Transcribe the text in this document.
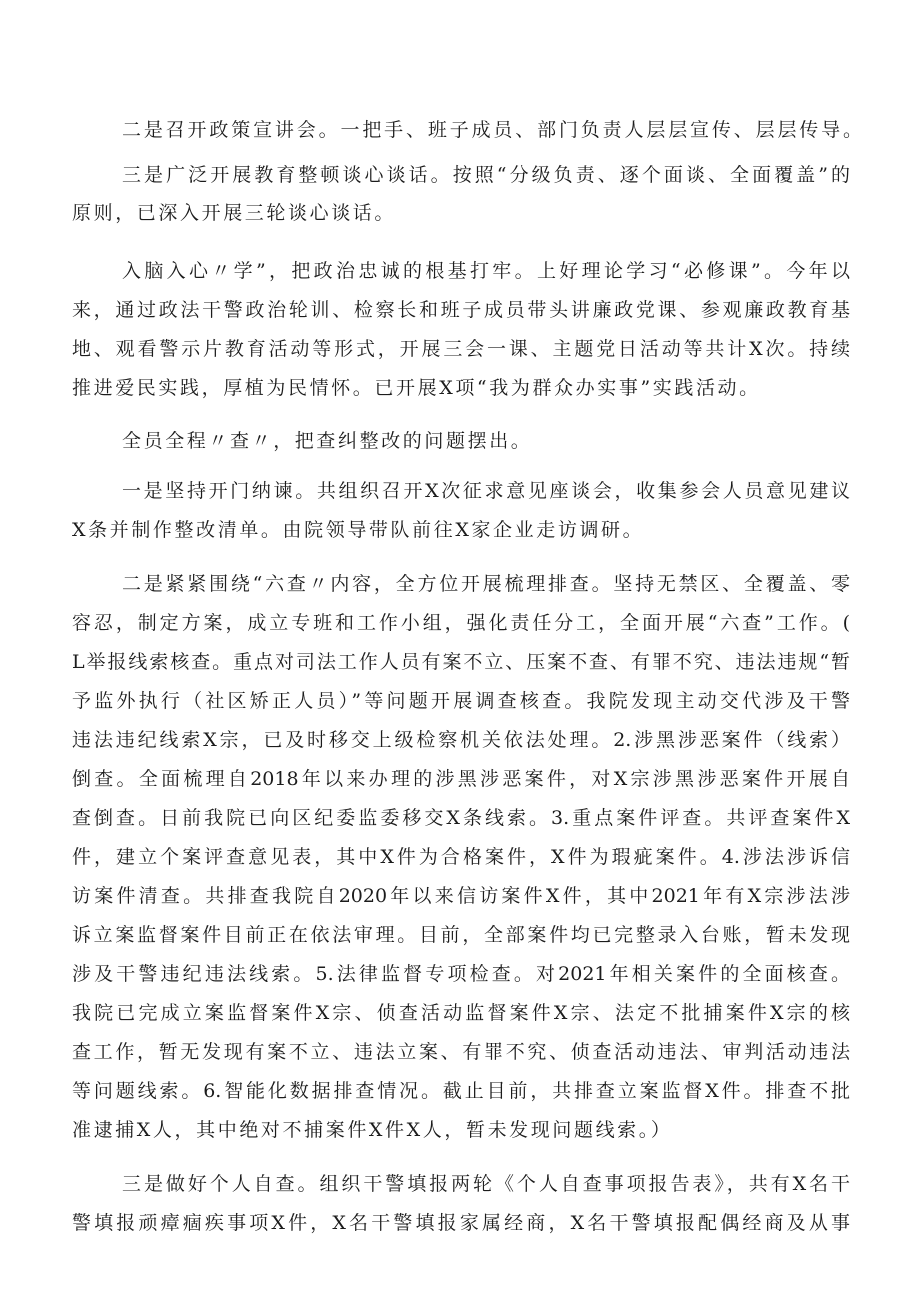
二是召开政策宣讲会。一把手、班子成员、部门负责人层层宣传、层层传导。
三是广泛开展教育整顿谈心谈话。按照“分级负责、逐个面谈、全面覆盖”的
原则，已深入开展三轮谈心谈话。
入脑入心〃学”，把政治忠诚的根基打牢。上好理论学习“必修课”。今年以
来，通过政法干警政治轮训、检察长和班子成员带头讲廉政党课、参观廉政教育基
地、观看警示片教育活动等形式，开展三会一课、主题党日活动等共计X次。持续
推进爱民实践，厚植为民情怀。已开展X项“我为群众办实事”实践活动。
全员全程〃查〃，把查纠整改的问题摆出。
一是坚持开门纳谏。共组织召开X次征求意见座谈会，收集参会人员意见建议
X条并制作整改清单。由院领导带队前往X家企业走访调研。
二是紧紧围绕“六查〃内容，全方位开展梳理排查。坚持无禁区、全覆盖、零
容忍，制定方案，成立专班和工作小组，强化责任分工，全面开展“六查”工作。(
L举报线索核查。重点对司法工作人员有案不立、压案不查、有罪不究、违法违规“暂
予监外执行（社区矫正人员）”等问题开展调查核查。我院发现主动交代涉及干警
违法违纪线索X宗，已及时移交上级检察机关依法处理。2.涉黑涉恶案件（线索）
倒查。全面梳理自2018年以来办理的涉黑涉恶案件，对X宗涉黑涉恶案件开展自
查倒查。日前我院已向区纪委监委移交X条线索。3.重点案件评查。共评查案件X
件，建立个案评查意见表，其中X件为合格案件，X件为瑕疵案件。4.涉法涉诉信
访案件清查。共排查我院自2020年以来信访案件X件，其中2021年有X宗涉法涉
诉立案监督案件目前正在依法审理。目前，全部案件均已完整录入台账，暂未发现
涉及干警违纪违法线索。5.法律监督专项检查。对2021年相关案件的全面核查。
我院已完成立案监督案件X宗、侦查活动监督案件X宗、法定不批捕案件X宗的核
查工作，暂无发现有案不立、违法立案、有罪不究、侦查活动违法、审判活动违法
等问题线索。6.智能化数据排查情况。截止目前，共排查立案监督X件。排查不批
准逮捕X人，其中绝对不捕案件X件X人，暂未发现问题线索。）
三是做好个人自查。组织干警填报两轮《个人自查事项报告表》，共有X名干
警填报顽瘴痼疾事项X件，X名干警填报家属经商，X名干警填报配偶经商及从事
